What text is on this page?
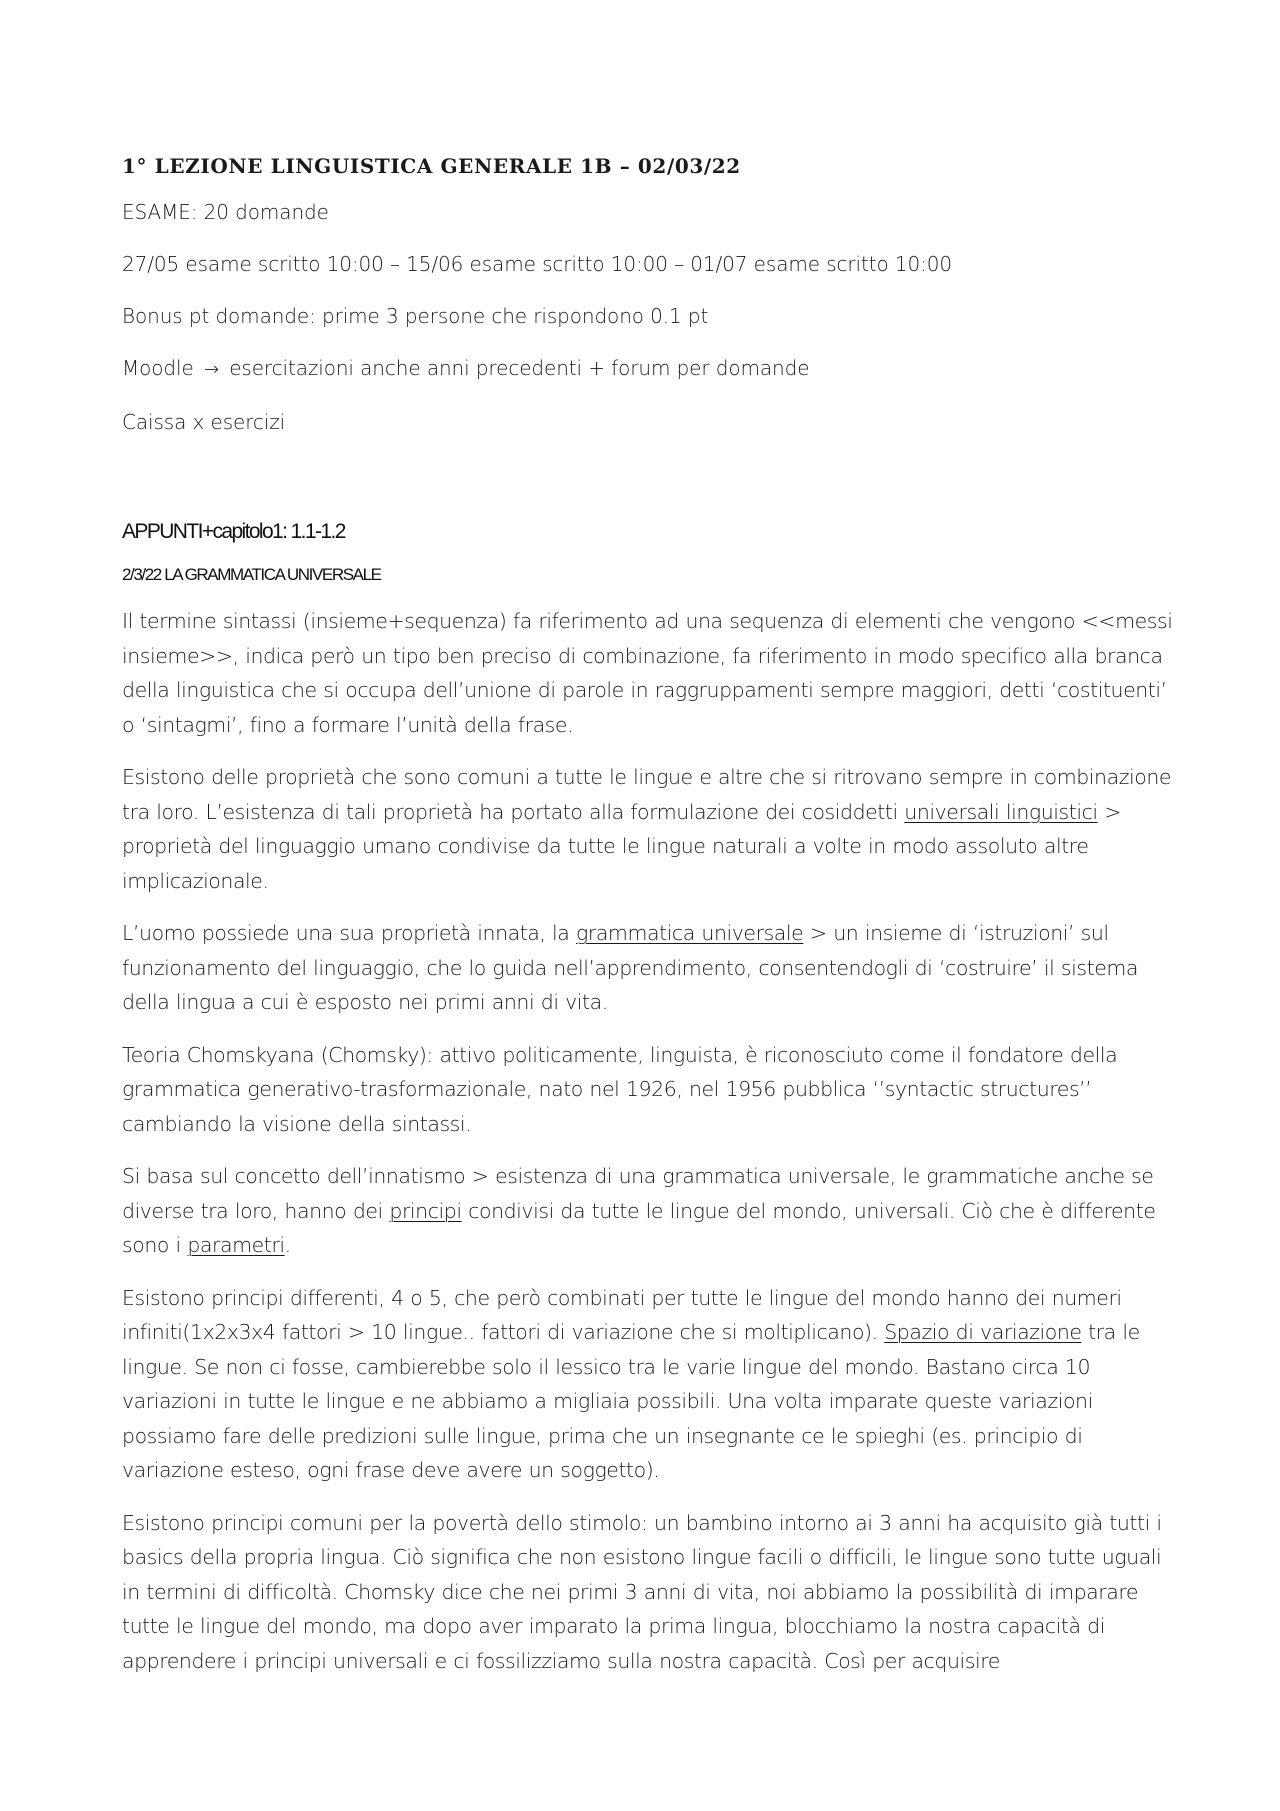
1° LEZIONE LINGUISTICA GENERALE 1B – 02/03/22
ESAME: 20 domande
27/05 esame scritto 10:00 – 15/06 esame scritto 10:00 – 01/07 esame scritto 10:00
Bonus pt domande: prime 3 persone che rispondono 0.1 pt
Moodle → esercitazioni anche anni precedenti + forum per domande
Caissa x esercizi
APPUNTI+capitolo1: 1.1-1.2
2/3/22 LA GRAMMATICA UNIVERSALE

Il termine sintassi (insieme+sequenza) fa riferimento ad una sequenza di elementi che vengono <<messi insieme>>, indica però un tipo ben preciso di combinazione, fa riferimento in modo specifico alla branca della linguistica che si occupa dell’unione di parole in raggruppamenti sempre maggiori, detti ‘costituenti’ o ‘sintagmi’, fino a formare l’unità della frase.

Esistono delle proprietà che sono comuni a tutte le lingue e altre che si ritrovano sempre in combinazione tra loro. L’esistenza di tali proprietà ha portato alla formulazione dei cosiddetti universali linguistici > proprietà del linguaggio umano condivise da tutte le lingue naturali a volte in modo assoluto altre implicazionale.

L’uomo possiede una sua proprietà innata, la grammatica universale > un insieme di ‘istruzioni’ sul funzionamento del linguaggio, che lo guida nell’apprendimento, consentendogli di ‘costruire’ il sistema della lingua a cui è esposto nei primi anni di vita.

Teoria Chomskyana (Chomsky): attivo politicamente, linguista, è riconosciuto come il fondatore della grammatica generativo-trasformazionale, nato nel 1926, nel 1956 pubblica ‘’syntactic structures’’ cambiando la visione della sintassi.

Si basa sul concetto dell’innatismo > esistenza di una grammatica universale, le grammatiche anche se diverse tra loro, hanno dei principi condivisi da tutte le lingue del mondo, universali. Ciò che è differente sono i parametri.

Esistono principi differenti, 4 o 5, che però combinati per tutte le lingue del mondo hanno dei numeri infiniti(1x2x3x4 fattori > 10 lingue.. fattori di variazione che si moltiplicano). Spazio di variazione tra le lingue. Se non ci fosse, cambierebbe solo il lessico tra le varie lingue del mondo. Bastano circa 10 variazioni in tutte le lingue e ne abbiamo a migliaia possibili. Una volta imparate queste variazioni possiamo fare delle predizioni sulle lingue, prima che un insegnante ce le spieghi (es. principio di variazione esteso, ogni frase deve avere un soggetto).

Esistono principi comuni per la povertà dello stimolo: un bambino intorno ai 3 anni ha acquisito già tutti i basics della propria lingua. Ciò significa che non esistono lingue facili o difficili, le lingue sono tutte uguali in termini di difficoltà. Chomsky dice che nei primi 3 anni di vita, noi abbiamo la possibilità di imparare tutte le lingue del mondo, ma dopo aver imparato la prima lingua, blocchiamo la nostra capacità di apprendere i principi universali e ci fossilizziamo sulla nostra capacità. Così per acquisire
